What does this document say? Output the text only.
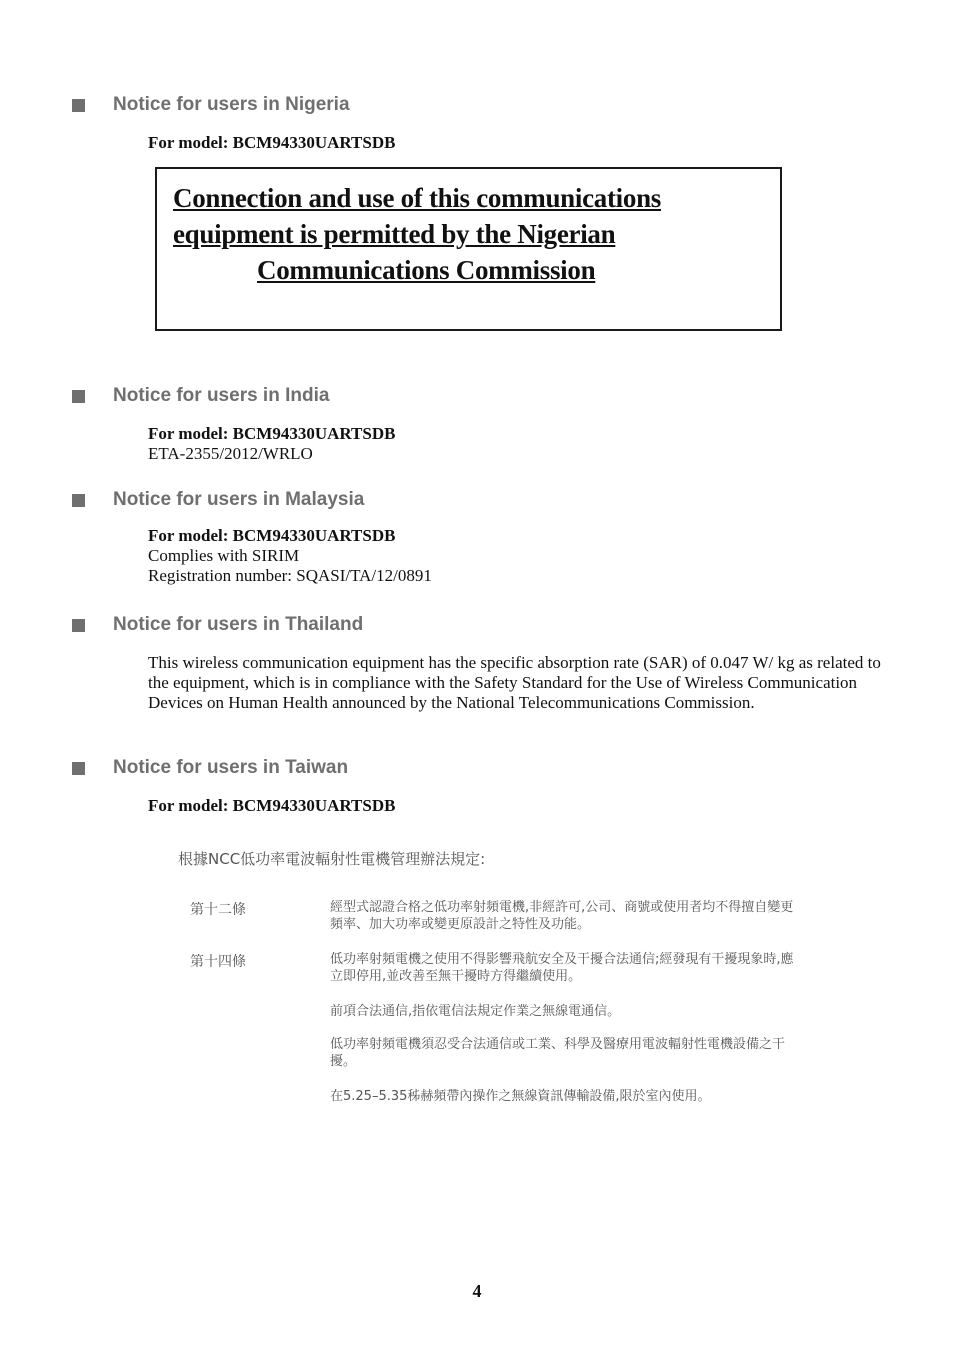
Notice for users in Nigeria

For model: BCM94330UARTSDB

Connection and use of this communications
equipment is permitted by the Nigerian
Communications Commission
Notice for users in India

For model: BCM94330UARTSDB

ETA-2355/2012/WRLO

Notice for users in Malaysia

For model: BCM94330UARTSDB

Complies with SIRIM

Registration number: SQASI/TA/12/0891

Notice for users in Thailand

This wireless communication equipment has the specific absorption rate (SAR) of 0.047 W/ kg as related to the equipment, which is in compliance with the Safety Standard for the Use of Wireless Communication Devices on Human Health announced by the National Telecommunications Commission.

Notice for users in Taiwan

For model: BCM94330UARTSDB

根據NCC低功率電波輻射性電機管理辦法規定:
第十二條	經型式認證合格之低功率射頻電機,非經許可,公司、商號或使用者均不得擅自變更頻率、加大功率或變更原設計之特性及功能。
第十四條	低功率射頻電機之使用不得影響飛航安全及干擾合法通信;經發現有干擾現象時,應立即停用,並改善至無干擾時方得繼續使用。
前項合法通信,指依電信法規定作業之無線電通信。
低功率射頻電機須忍受合法通信或工業、科學及醫療用電波輻射性電機設備之干擾。
在5.25–5.35秭赫頻帶內操作之無線資訊傳輸設備,限於室內使用。
4
